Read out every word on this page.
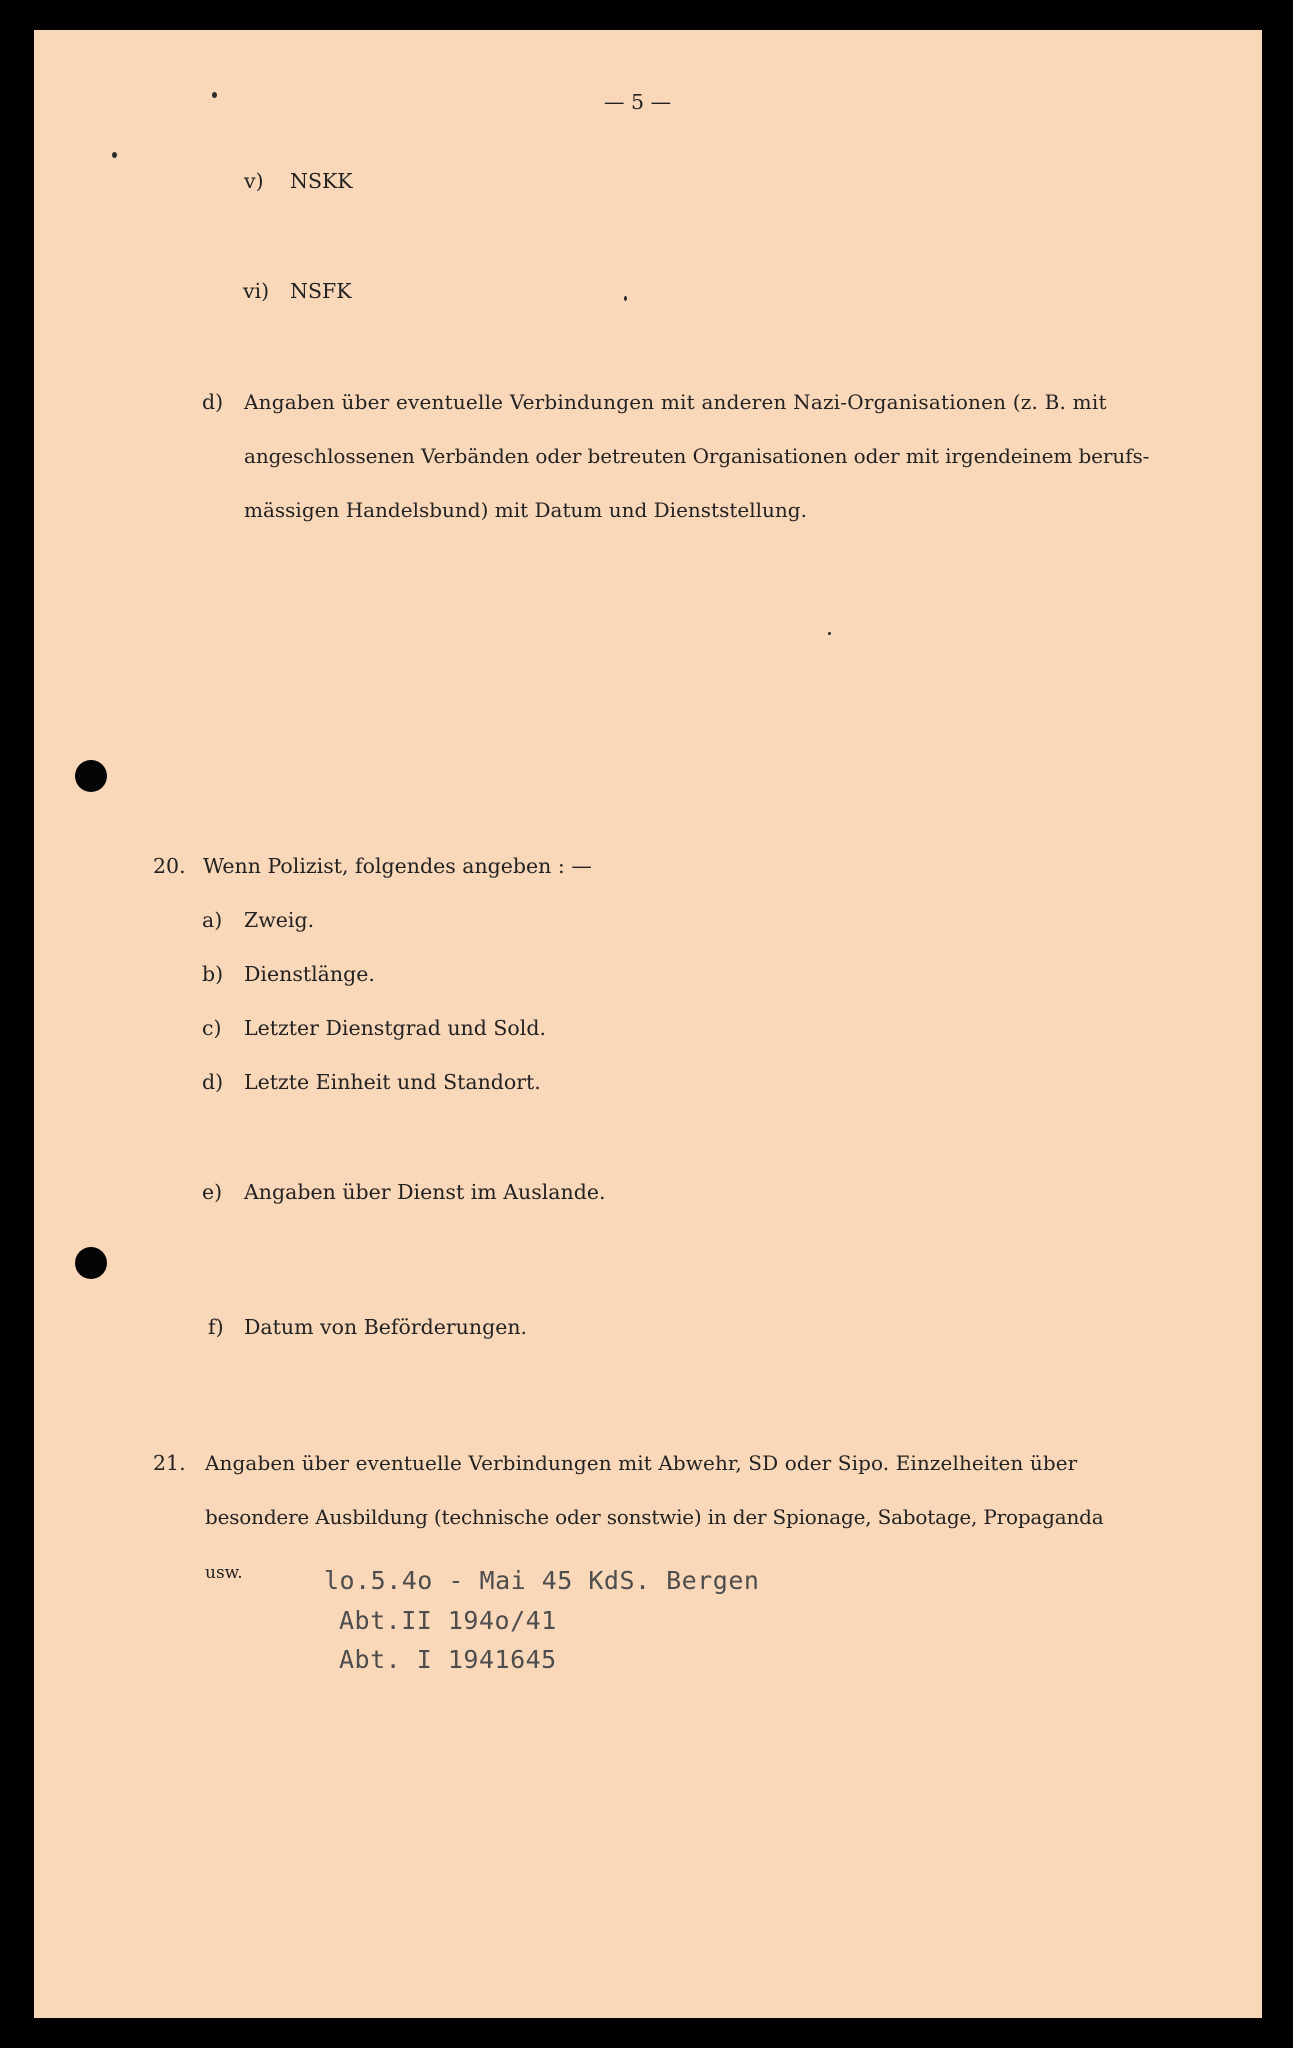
— 5 —
v) NSKK
vi) NSFK
d) Angaben über eventuelle Verbindungen mit anderen Nazi-Organisationen (z. B. mit
angeschlossenen Verbänden oder betreuten Organisationen oder mit irgendeinem berufs-
mässigen Handelsbund) mit Datum und Dienststellung.
20. Wenn Polizist, folgendes angeben : —
a) Zweig.
b) Dienstlänge.
c) Letzter Dienstgrad und Sold.
d) Letzte Einheit und Standort.
e) Angaben über Dienst im Auslande.
f) Datum von Beförderungen.
21. Angaben über eventuelle Verbindungen mit Abwehr, SD oder Sipo. Einzelheiten über
besondere Ausbildung (technische oder sonstwie) in der Spionage, Sabotage, Propaganda
usw.	lo.5.4o - Mai 45 KdS. Bergen
Abt.II 194o/41
Abt. I 1941645
